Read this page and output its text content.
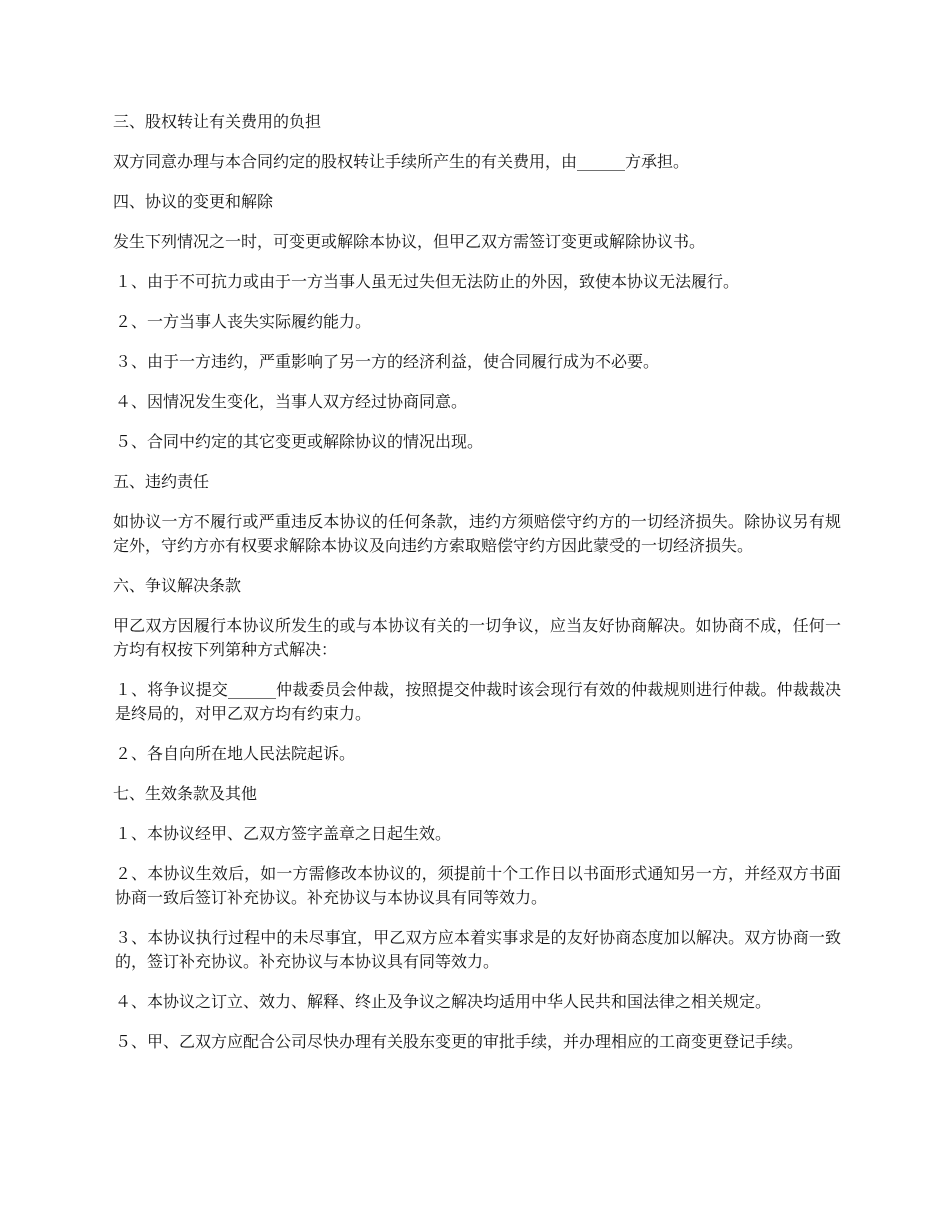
三、股权转让有关费用的负担

双方同意办理与本合同约定的股权转让手续所产生的有关费用，由______方承担。

四、协议的变更和解除

发生下列情况之一时，可变更或解除本协议，但甲乙双方需签订变更或解除协议书。

１、由于不可抗力或由于一方当事人虽无过失但无法防止的外因，致使本协议无法履行。

２、一方当事人丧失实际履约能力。

３、由于一方违约，严重影响了另一方的经济利益，使合同履行成为不必要。

４、因情况发生变化，当事人双方经过协商同意。

５、合同中约定的其它变更或解除协议的情况出现。

五、违约责任

如协议一方不履行或严重违反本协议的任何条款，违约方须赔偿守约方的一切经济损失。除协议另有规定外，守约方亦有权要求解除本协议及向违约方索取赔偿守约方因此蒙受的一切经济损失。

六、争议解决条款

甲乙双方因履行本协议所发生的或与本协议有关的一切争议，应当友好协商解决。如协商不成，任何一方均有权按下列第种方式解决：

１、将争议提交______仲裁委员会仲裁，按照提交仲裁时该会现行有效的仲裁规则进行仲裁。仲裁裁决是终局的，对甲乙双方均有约束力。

２、各自向所在地人民法院起诉。

七、生效条款及其他

１、本协议经甲、乙双方签字盖章之日起生效。

２、本协议生效后，如一方需修改本协议的，须提前十个工作日以书面形式通知另一方，并经双方书面协商一致后签订补充协议。补充协议与本协议具有同等效力。

３、本协议执行过程中的未尽事宜，甲乙双方应本着实事求是的友好协商态度加以解决。双方协商一致的，签订补充协议。补充协议与本协议具有同等效力。

４、本协议之订立、效力、解释、终止及争议之解决均适用中华人民共和国法律之相关规定。

５、甲、乙双方应配合公司尽快办理有关股东变更的审批手续，并办理相应的工商变更登记手续。
